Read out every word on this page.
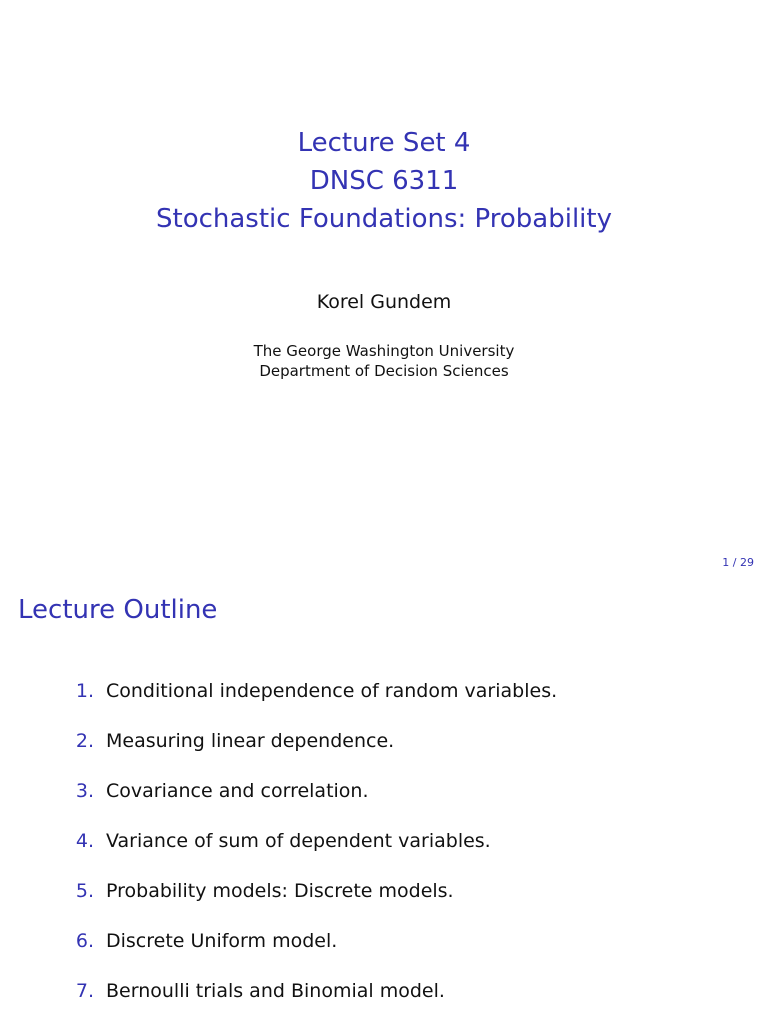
Lecture Set 4
DNSC 6311
Stochastic Foundations: Probability
Korel Gundem
The George Washington University
Department of Decision Sciences
1 / 29
Lecture Outline
1. Conditional independence of random variables.
2. Measuring linear dependence.
3. Covariance and correlation.
4. Variance of sum of dependent variables.
5. Probability models: Discrete models.
6. Discrete Uniform model.
7. Bernoulli trials and Binomial model.
